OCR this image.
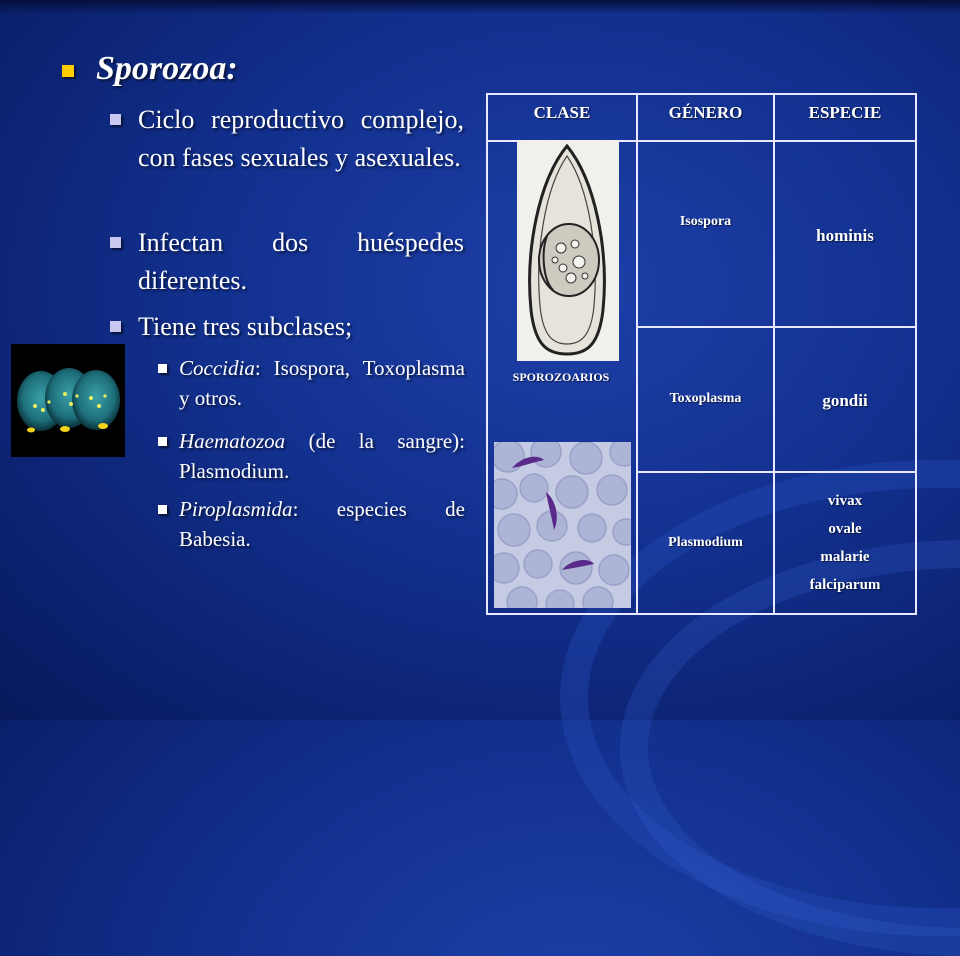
Sporozoa:
Ciclo reproductivo complejo, con fases sexuales y asexuales.
Infectan dos huéspedes diferentes.
Tiene tres subclases;
Coccidia: Isospora, Toxoplasma y otros.
Haematozoa (de la sangre): Plasmodium.
Piroplasmida: especies de Babesia.
CLASE	GÉNERO	ESPECIE
	Isospora	hominis
	Toxoplasma	gondii
	Plasmodium	vivax
ovale
malarie
falciparum
SPOROZOARIOS
